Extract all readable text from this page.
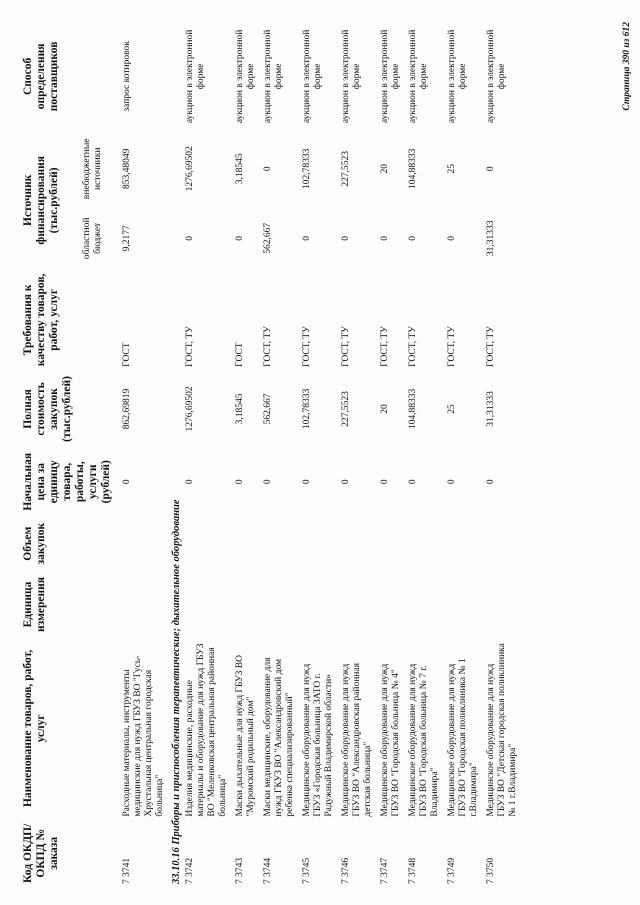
Код ОКДП/ ОКПД № заказа	Наименование товаров, работ, услуг	Единица измерения	Объем закупок	Начальная цена за единицу товара, работы, услуги (рублей)	Полная стоимость закупок (тыс.рублей)	Требования к качеству товаров, работ, услуг	Источник финансирования (тыс.рублей)		Способ определения поставщиков
							областной бюджет	внебюджетные источники	
7 3741	Расходные материалы, инструменты медицинские для нужд ГБУЗ ВО "Гусь-Хрустальная центральная городская больница"			0	862,69819	ГОСТ	9,2177	853,48049	запрос котировок
33.10.16 Приборы и приспособления терапевтические; дыхательное оборудование									
7 3742	Изделия медицинские, расходные материалы и оборудование для нужд ГБУЗ ВО "Меленковская центральная районная больница"			0	1276,69502	ГОСТ, ТУ	0	1276,69502	аукцион в электронной форме
7 3743	Маски дыхательные для нужд ГБУЗ ВО "Муромский родильный дом"			0	3,18545	ГОСТ	0	3,18545	аукцион в электронной форме
7 3744	Маски медицинские, оборудование для нужд ГКУЗ ВО "Александровский дом ребенка специализированный"			0	562,667	ГОСТ, ТУ	562,667	0	аукцион в электронной форме
7 3745	Медицинское оборудование для нужд ГБУЗ «Городская больница ЗАТО г. Радужный Владимирской области»			0	102,78333	ГОСТ, ТУ	0	102,78333	аукцион в электронной форме
7 3746	Медицинское оборудование для нужд ГБУЗ ВО "Александровская районная детская больница"			0	227,5523	ГОСТ, ТУ	0	227,5523	аукцион в электронной форме
7 3747	Медицинское оборудование для нужд ГБУЗ ВО "Городская больница № 4"			0	20	ГОСТ, ТУ	0	20	аукцион в электронной форме
7 3748	Медицинское оборудование для нужд ГБУЗ ВО "Городская больница № 7 г. Владимира"			0	104,88333	ГОСТ, ТУ	0	104,88333	аукцион в электронной форме
7 3749	Медицинское оборудование для нужд ГБУЗ ВО "Городская поликлиника № 1 г.Владимира"			0	25	ГОСТ, ТУ	0	25	аукцион в электронной форме
7 3750	Медицинское оборудование для нужд ГБУЗ ВО "Детская городская поликлиника № 1 г.Владимира"			0	31,31333	ГОСТ, ТУ	31,31333	0	аукцион в электронной форме	Страница 390 из 612
